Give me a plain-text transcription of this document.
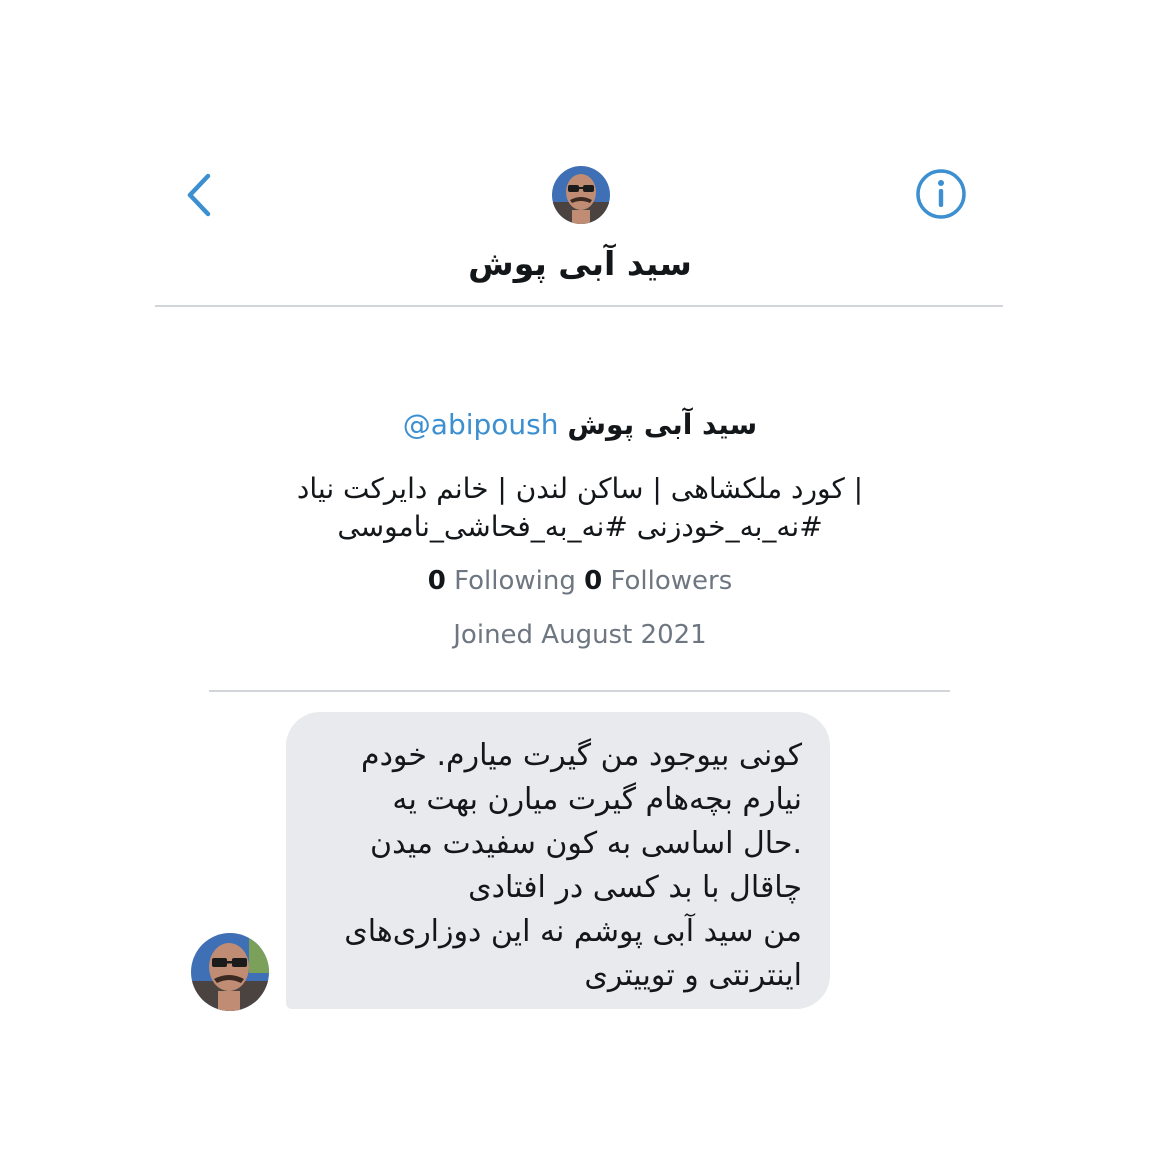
سید آبی پوش
سید آبی پوش @abipoush
| کورد ملکشاهی | ساکن لندن | خانم دایرکت نیاد
#نه_به_خودزنی #نه_به_فحاشی_ناموسی
0 Following 0 Followers
Joined August 2021
کونی بیوجود من گیرت میارم. خودم
نیارم بچه‌هام گیرت میارن بهت یه
.حال اساسی به کون سفیدت میدن
چاقال با بد کسی در افتادی
من سید آبی پوشم نه این دوزاری‌های
اینترنتی و توییتری
